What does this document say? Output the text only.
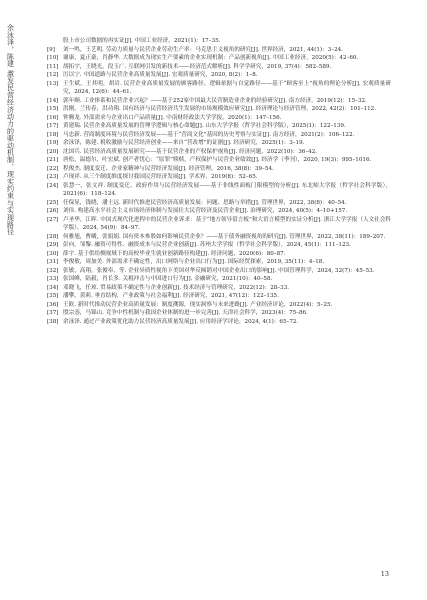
余泳泽，陈建 激发民营经济动力的驱动机制、现实约束与实现路径	股上市公司数据的再实证[J]. 中国工业经济，2021(1)：17–35.

[9]	刘一鸣，王艺明. 劳动力质量与民营企业劳动生产率：马克思主义视角的研究[J]. 世界经济，2021, 44(1)：3–24.

[10] 谢康，夏正豪，肖静华. 大数据成为现实生产要素的企业实现机制：产品创新视角[J]. 中国工业经济，2020(5)：42–60.

[11] 胡拓宇，王晓光，段玉广. 互联网引发的新技术——经济范式解析[J]. 科学学研究，2019, 37(4)：582–589.

[12] 厉以宁. 中国道路与民营企业高质量发展[J]. 宏观质量研究，2020, 8(2)：1–8.

[13] 王生斌，王其明，胡岩. 民营企业高质量发展的顾客路径、逻辑依据与自觉路径——基于“顾客至上”视角的理论分析[J]. 宏观质量研究，2024, 12(6)：44–61.

[14] 郭年顺. 工业体系和民营企业兴起？——基于252家中国最大民营制造业企业的经验研究[J]. 南方经济，2019(12)：15–32.

[15] 洪刚，兰传春，洪功翔. 国有经济与民营经济共生发展的市场规模效应研究[J]. 经济理论与经济管理，2022, 42(2)：101–112.

[16] 钟腾龙. 外部需求与企业出口产品质量[J]. 中南财经政法大学学报，2020(1)：147–156.

[17] 黄建瑞. 民营企业高质量发展的管理学逻辑与核心命题[J]. 山东大学学报（哲学社会科学版），2025(1)：122–139.

[18] 马忠新. 营商制度环境与民营经济发展——基于“营商文化”基因的历史考察与实证[J]. 南方经济，2021(2)：106–122.

[19] 余泳泽，陈建. 税收激励与民营经济创业——来自“营改增”的证据[J]. 经济研究，2025(1)：3–19.

[20] 沈国兵. 民营经济高质量发展研究——基于民营企业的产权保护视角[J]. 经济问题，2022(10)：36–42.

[21] 唐松，温德尔，叶宏斌. 创产者忧心：“原罪”赎赎，产权保护与民营企业绩效[J]. 经济学（季刊），2020, 19(3)：995–1016.

[22] 程俊杰. 制度变迁、企业家精神与民营经济发展[J]. 经济管理，2016, 38(8)：39–54.

[23] 卢现祥. 从三个制度维度探讨我国民营经济发展[J]. 学术界，2019(8)：52–65.

[24] 张慧一，张文祥. 制度变迁、政府作用与民营经济发展——基于非线性面板门限模型的分析[J]. 东北师大学报（哲学社会科学版），2021(6)：118–124.

[25] 任保显，钱晓，潘士远. 新时代推进民营经济高质量发展：问题、思路与举措[J]. 管理世界，2022, 38(8)：40–54.

[26] 刘伟. 构建高水平社会主义市场经济体制与发展壮大民营经济及民营企业[J]. 治理研究，2024, 40(5)：4–10+157.

[27] 卢圣华，江晖. 中国式现代化进程中的民营企业诉求：基于“地方领导留言板”和大语言模型的实证分析[J]. 浙江大学学报（人文社会科学版），2024, 54(9)：84–97.

[28] 何雅旭，曹曦，张娟娟. 国有资本参股如何影响民营企业？——基于债务融资视角的研究[J]. 管理世界，2022, 38(11)：189–207.

[29] 彭向，邹黎. 融资可得性、融资成本与民营企业创新[J]. 苏州大学学报（哲学社会科学版），2024, 45(1)：111–123.

[30] 薛宇. 基于供给侧视域下的高校毕业生就业创新路径构建[J]. 经济问题，2020(6)：80–87.

[31] 李俊敏，周加美. 外部需求不确定性，出口网络与企业出口行为[J]. 国际经贸探索，2019, 35(11)：4–18.

[32] 张敏，高翔，张俊奉，等. 企业异质性视角下美国对华反倾销对中国企业出口的影响[J]. 中国管理科学，2024, 32(7)：45–53.

[33] 张国峰，陆毅，肖长多. 关税冲击与中国进口行为[J]. 金融研究，2021(10)：40–58.

[34] 邓晓飞，任琼. 贸易政策不确定性与企业创新[J]. 技术经济与管理研究，2022(12)：28–33.

[35] 潘攀，黄莉. 垂直结构，产业政策与社会福利[J]. 经济研究，2021, 47(12)：122–135.

[36] 王欧. 新时代推动民营企业高质量发展：制度溯源，现实洞察与未来进路[J]. 产业经济评论，2022(4)：5–25.

[37] 殷宗悫，马锦山. 竞争中性机制与我国企业体制的进一步完善[J]. 天津社会科学，2023(4)：75–86.

[38] 余泳泽. 通过产业政策优化助力民营经济高质量发展[J]. 应用经济学评论，2024, 4(1)：65–72.

13
